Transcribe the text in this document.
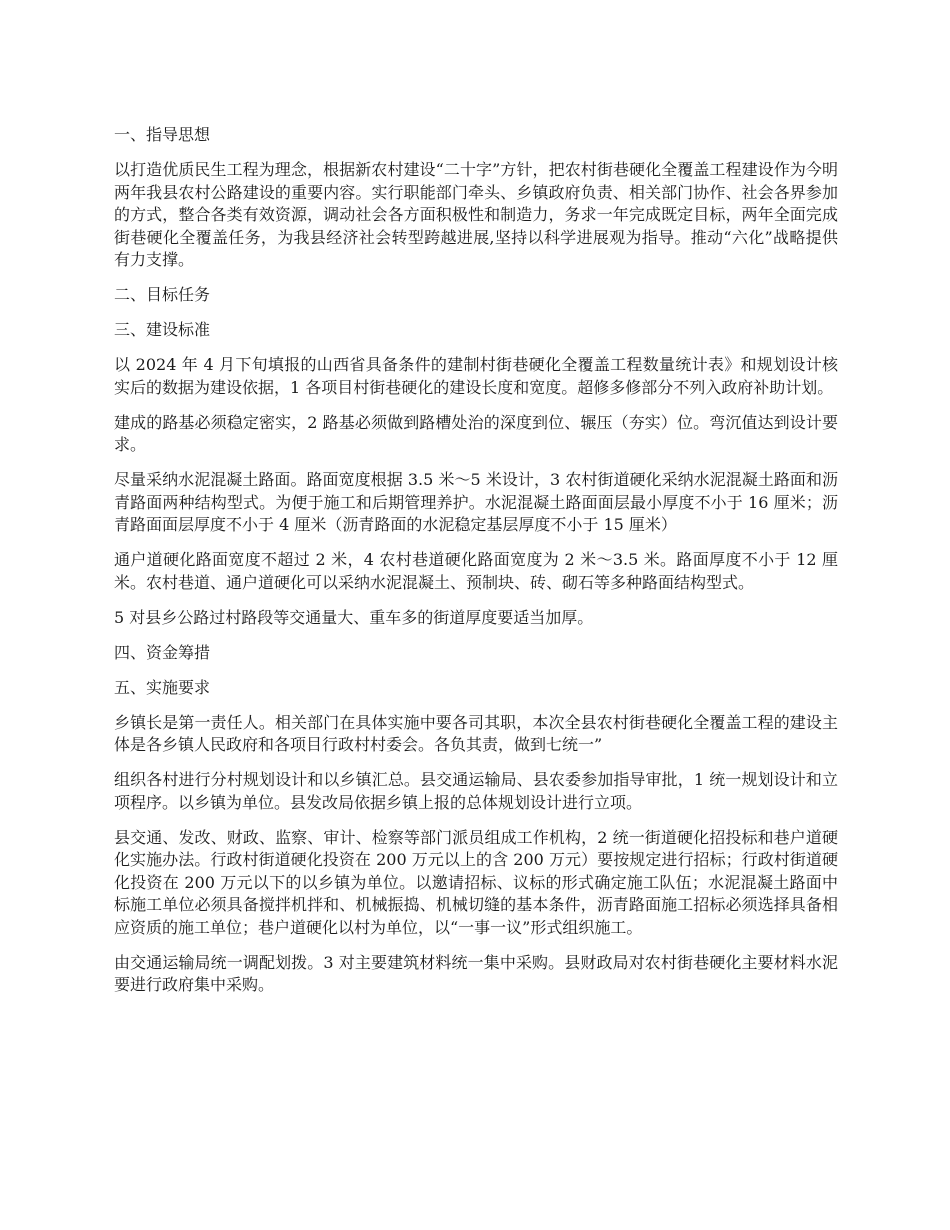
一、指导思想

以打造优质民生工程为理念，根据新农村建设“二十字”方针，把农村街巷硬化全覆盖工程建设作为今明两年我县农村公路建设的重要内容。实行职能部门牵头、乡镇政府负责、相关部门协作、社会各界参加的方式，整合各类有效资源，调动社会各方面积极性和制造力，务求一年完成既定目标，两年全面完成街巷硬化全覆盖任务，为我县经济社会转型跨越进展,坚持以科学进展观为指导。推动“六化”战略提供有力支撑。

二、目标任务

三、建设标准

以 2024 年 4 月下旬填报的山西省具备条件的建制村街巷硬化全覆盖工程数量统计表》和规划设计核实后的数据为建设依据，1 各项目村街巷硬化的建设长度和宽度。超修多修部分不列入政府补助计划。

建成的路基必须稳定密实，2 路基必须做到路槽处治的深度到位、辗压（夯实）位。弯沉值达到设计要求。

尽量采纳水泥混凝土路面。路面宽度根据 3.5 米～5 米设计，3 农村街道硬化采纳水泥混凝土路面和沥青路面两种结构型式。为便于施工和后期管理养护。水泥混凝土路面面层最小厚度不小于 16 厘米；沥青路面面层厚度不小于 4 厘米（沥青路面的水泥稳定基层厚度不小于 15 厘米）

通户道硬化路面宽度不超过 2 米，4 农村巷道硬化路面宽度为 2 米～3.5 米。路面厚度不小于 12 厘米。农村巷道、通户道硬化可以采纳水泥混凝土、预制块、砖、砌石等多种路面结构型式。

5 对县乡公路过村路段等交通量大、重车多的街道厚度要适当加厚。

四、资金筹措

五、实施要求

乡镇长是第一责任人。相关部门在具体实施中要各司其职，本次全县农村街巷硬化全覆盖工程的建设主体是各乡镇人民政府和各项目行政村村委会。各负其责，做到七统一”

组织各村进行分村规划设计和以乡镇汇总。县交通运输局、县农委参加指导审批，1 统一规划设计和立项程序。以乡镇为单位。县发改局依据乡镇上报的总体规划设计进行立项。

县交通、发改、财政、监察、审计、检察等部门派员组成工作机构，2 统一街道硬化招投标和巷户道硬化实施办法。行政村街道硬化投资在 200 万元以上的含 200 万元）要按规定进行招标；行政村街道硬化投资在 200 万元以下的以乡镇为单位。以邀请招标、议标的形式确定施工队伍；水泥混凝土路面中标施工单位必须具备搅拌机拌和、机械振捣、机械切缝的基本条件，沥青路面施工招标必须选择具备相应资质的施工单位；巷户道硬化以村为单位，以“一事一议”形式组织施工。

由交通运输局统一调配划拨。3 对主要建筑材料统一集中采购。县财政局对农村街巷硬化主要材料水泥要进行政府集中采购。
